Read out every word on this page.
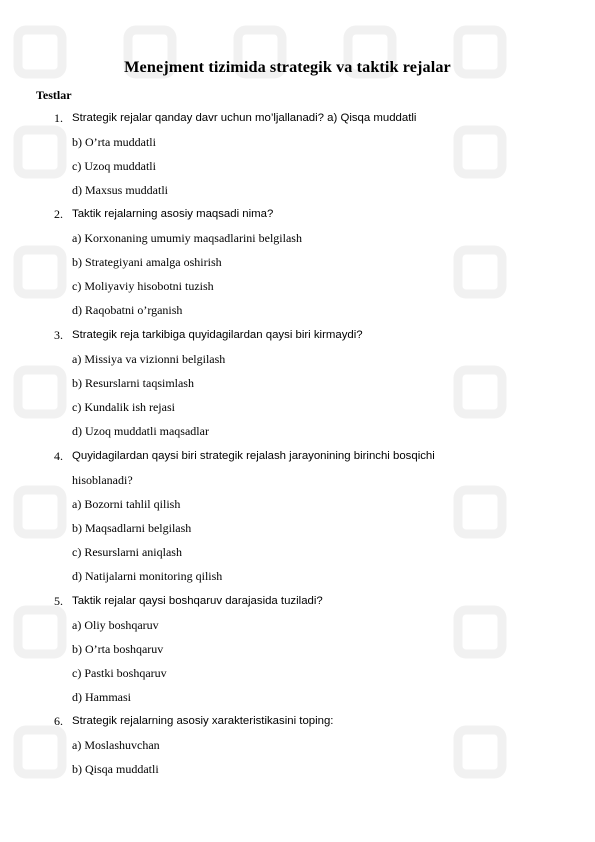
Menejment tizimida strategik va taktik rejalar
Testlar
1. Strategik rejalar qanday davr uchun mo’ljallanadi? a) Qisqa muddatli
b) O’rta muddatli
c) Uzoq muddatli
d) Maxsus muddatli
2. Taktik rejalarning asosiy maqsadi nima?
a) Korxonaning umumiy maqsadlarini belgilash
b) Strategiyani amalga oshirish
c) Moliyaviy hisobotni tuzish
d) Raqobatni o’rganish
3. Strategik reja tarkibiga quyidagilardan qaysi biri kirmaydi?
a) Missiya va vizionni belgilash
b) Resurslarni taqsimlash
c) Kundalik ish rejasi
d) Uzoq muddatli maqsadlar
4. Quyidagilardan qaysi biri strategik rejalash jarayonining birinchi bosqichi
hisoblanadi?
a) Bozorni tahlil qilish
b) Maqsadlarni belgilash
c) Resurslarni aniqlash
d) Natijalarni monitoring qilish
5. Taktik rejalar qaysi boshqaruv darajasida tuziladi?
a) Oliy boshqaruv
b) O’rta boshqaruv
c) Pastki boshqaruv
d) Hammasi
6. Strategik rejalarning asosiy xarakteristikasini toping:
a) Moslashuvchan
b) Qisqa muddatli
